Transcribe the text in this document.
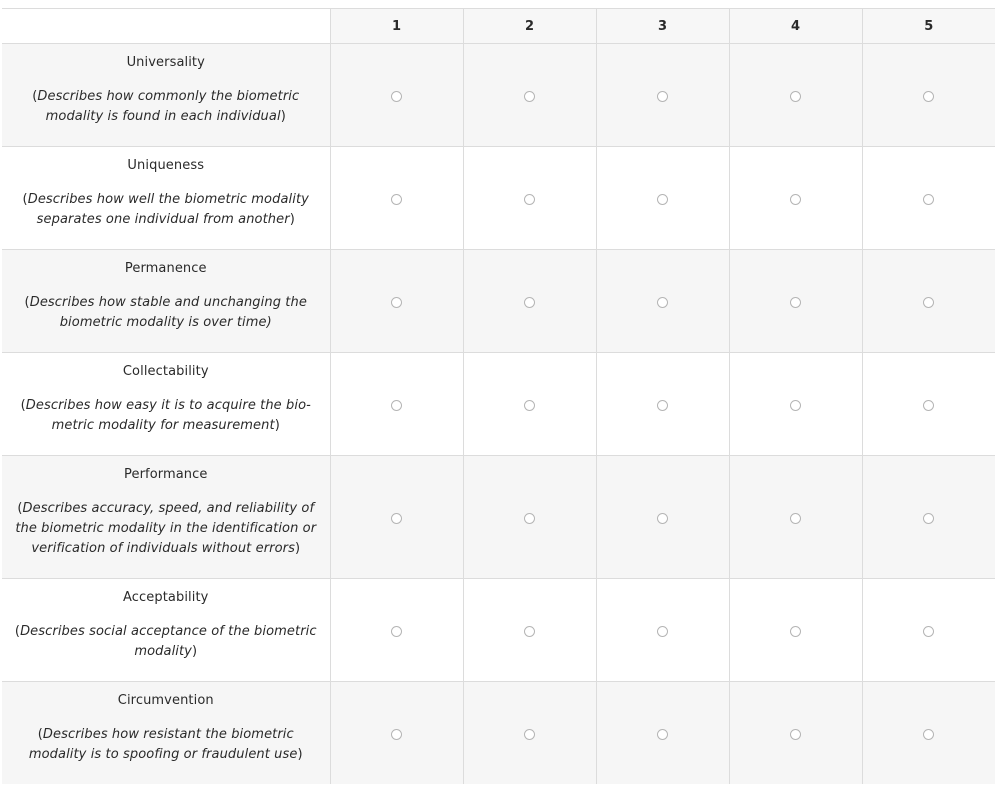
	1	2	3	4	5

Universality
(Describes how commonly the biometric modality is found in each individual)					

Uniqueness
(Describes how well the biometric modality separates one individual from another)					

Permanence
(Describes how stable and unchanging the biometric modality is over time)					

Collectability
(Describes how easy it is to acquire the bio-metric modality for measurement)					

Performance
(Describes accuracy, speed, and reliability of the biometric modality in the identification or verification of individuals without errors)					

Acceptability
(Describes social acceptance of the biometric modality)					

Circumvention
(Describes how resistant the biometric modality is to spoofing or fraudulent use)					
